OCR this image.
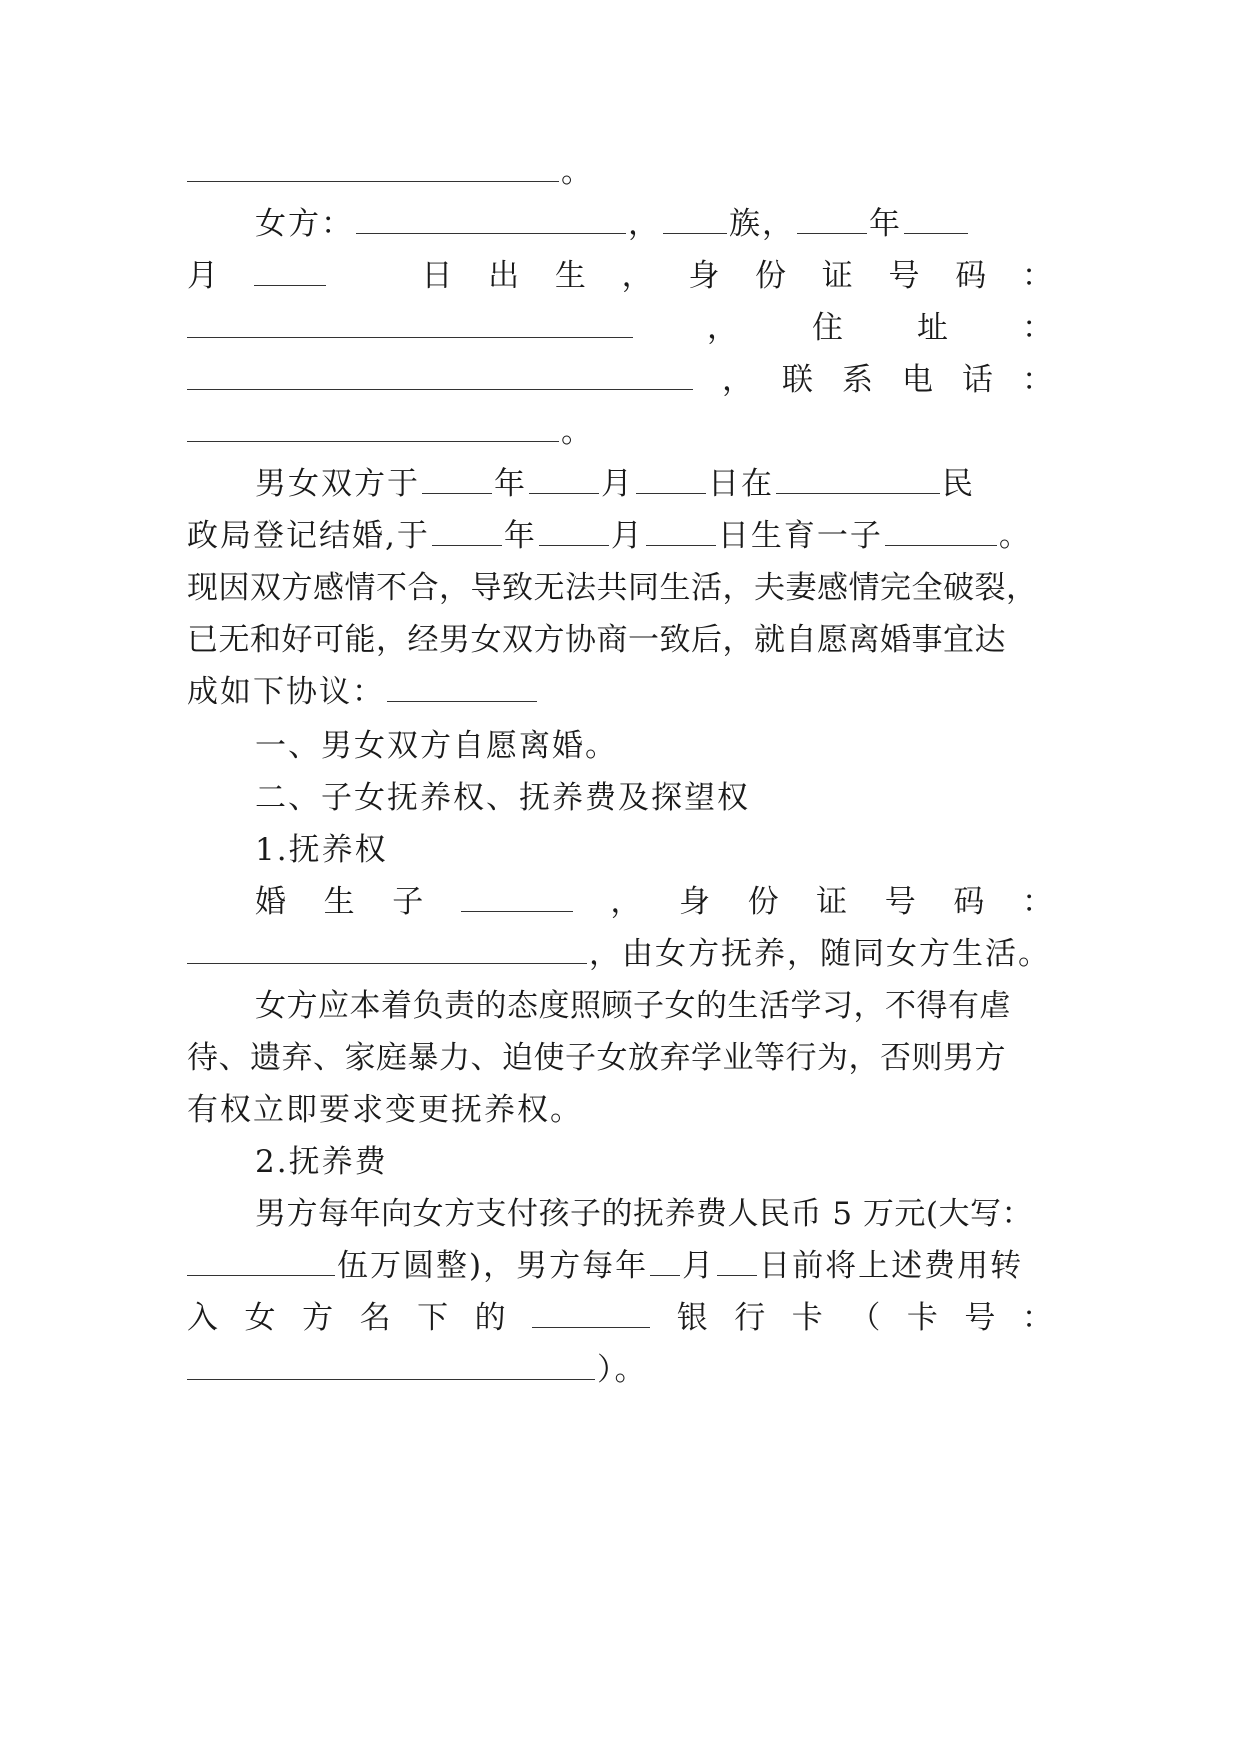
。
女方：	， 族， 年
月	日 出 生 ， 身 份 证 号 码 ：
， 住 址 ：
， 联 系 电 话 ：
。
男女双方于 年 月 日在	民
政局登记结婚,于 年 月 日生育一子	。
现因双方感情不合，导致无法共同生活，夫妻感情完全破裂，
已无和好可能，经男女双方协商一致后，就自愿离婚事宜达
成如下协议：
一、男女双方自愿离婚。
二、子女抚养权、抚养费及探望权
1.抚养权
婚 生 子	， 身 份 证 号 码 ：
，由女方抚养，随同女方生活。
女方应本着负责的态度照顾子女的生活学习，不得有虐
待、遗弃、家庭暴力、迫使子女放弃学业等行为，否则男方
有权立即要求变更抚养权。
2.抚养费
男方每年向女方支付孩子的抚养费人民币 5 万元(大写：
伍万圆整)，男方每年 月 日前将上述费用转
入 女 方 名 下 的	银 行 卡 （ 卡 号 ：
）。
